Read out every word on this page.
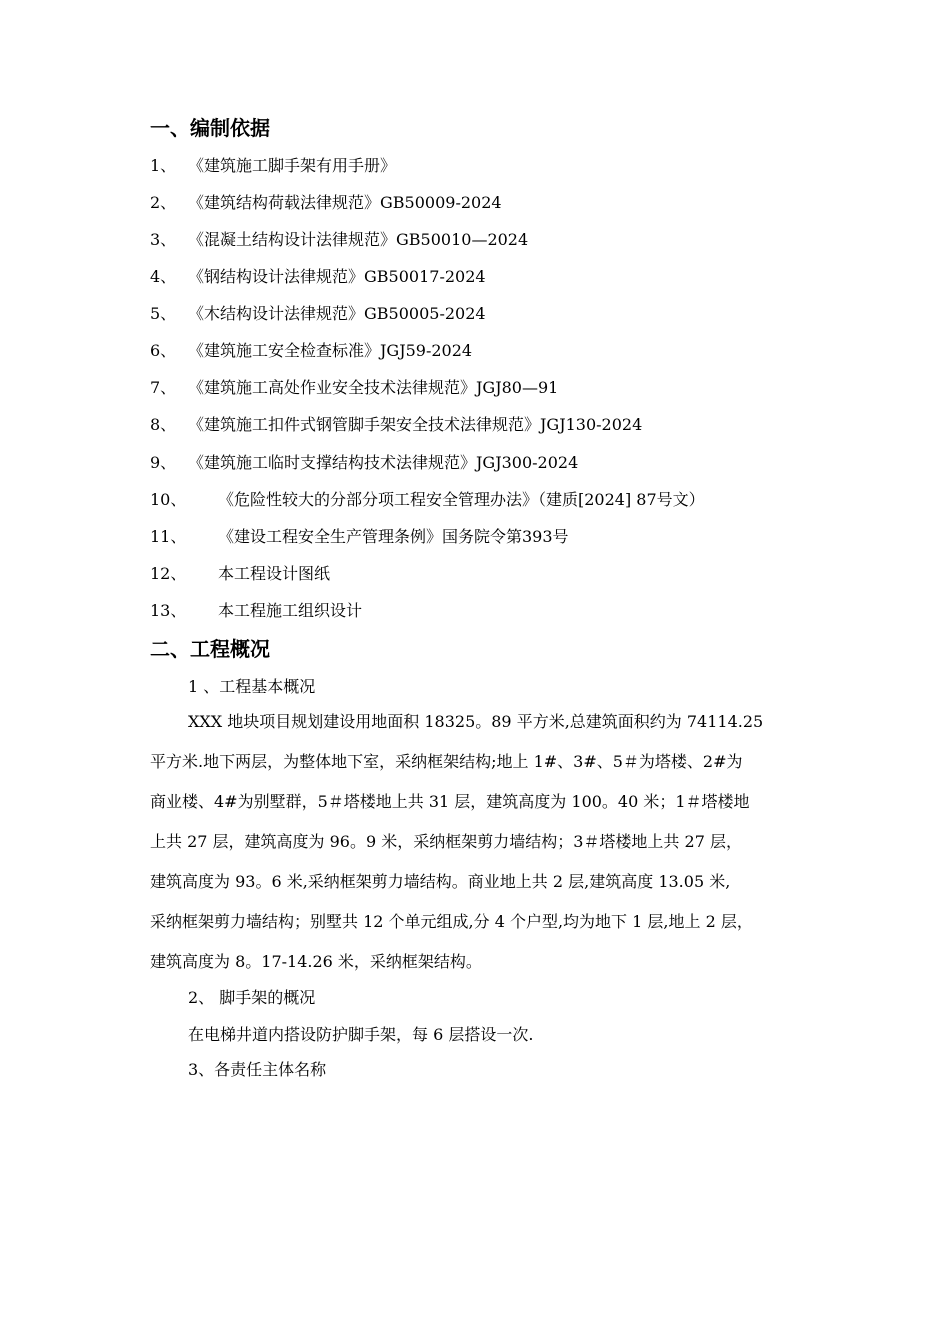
一、编制依据
1、 《建筑施工脚手架有用手册》
2、 《建筑结构荷载法律规范》GB50009-2024
3、 《混凝土结构设计法律规范》GB50010—2024
4、 《钢结构设计法律规范》GB50017-2024
5、 《木结构设计法律规范》GB50005-2024
6、 《建筑施工安全检查标准》JGJ59-2024
7、 《建筑施工高处作业安全技术法律规范》JGJ80—91
8、 《建筑施工扣件式钢管脚手架安全技术法律规范》JGJ130-2024
9、 《建筑施工临时支撑结构技术法律规范》JGJ300-2024
10、 《危险性较大的分部分项工程安全管理办法》（建质[2024] 87号文）
11、 《建设工程安全生产管理条例》国务院令第393号
12、 本工程设计图纸
13、 本工程施工组织设计
二、工程概况
1 、工程基本概况
XXX 地块项目规划建设用地面积 18325。89 平方米,总建筑面积约为 74114.25
平方米.地下两层，为整体地下室，采纳框架结构;地上 1#、3#、5＃为塔楼、2#为
商业楼、4#为别墅群，5＃塔楼地上共 31 层，建筑高度为 100。40 米；1＃塔楼地
上共 27 层，建筑高度为 96。9 米，采纳框架剪力墙结构；3＃塔楼地上共 27 层，
建筑高度为 93。6 米,采纳框架剪力墙结构。商业地上共 2 层,建筑高度 13.05 米,
采纳框架剪力墙结构；别墅共 12 个单元组成,分 4 个户型,均为地下 1 层,地上 2 层，
建筑高度为 8。17-14.26 米，采纳框架结构。
2、 脚手架的概况
在电梯井道内搭设防护脚手架，每 6 层搭设一次.
3、各责任主体名称
